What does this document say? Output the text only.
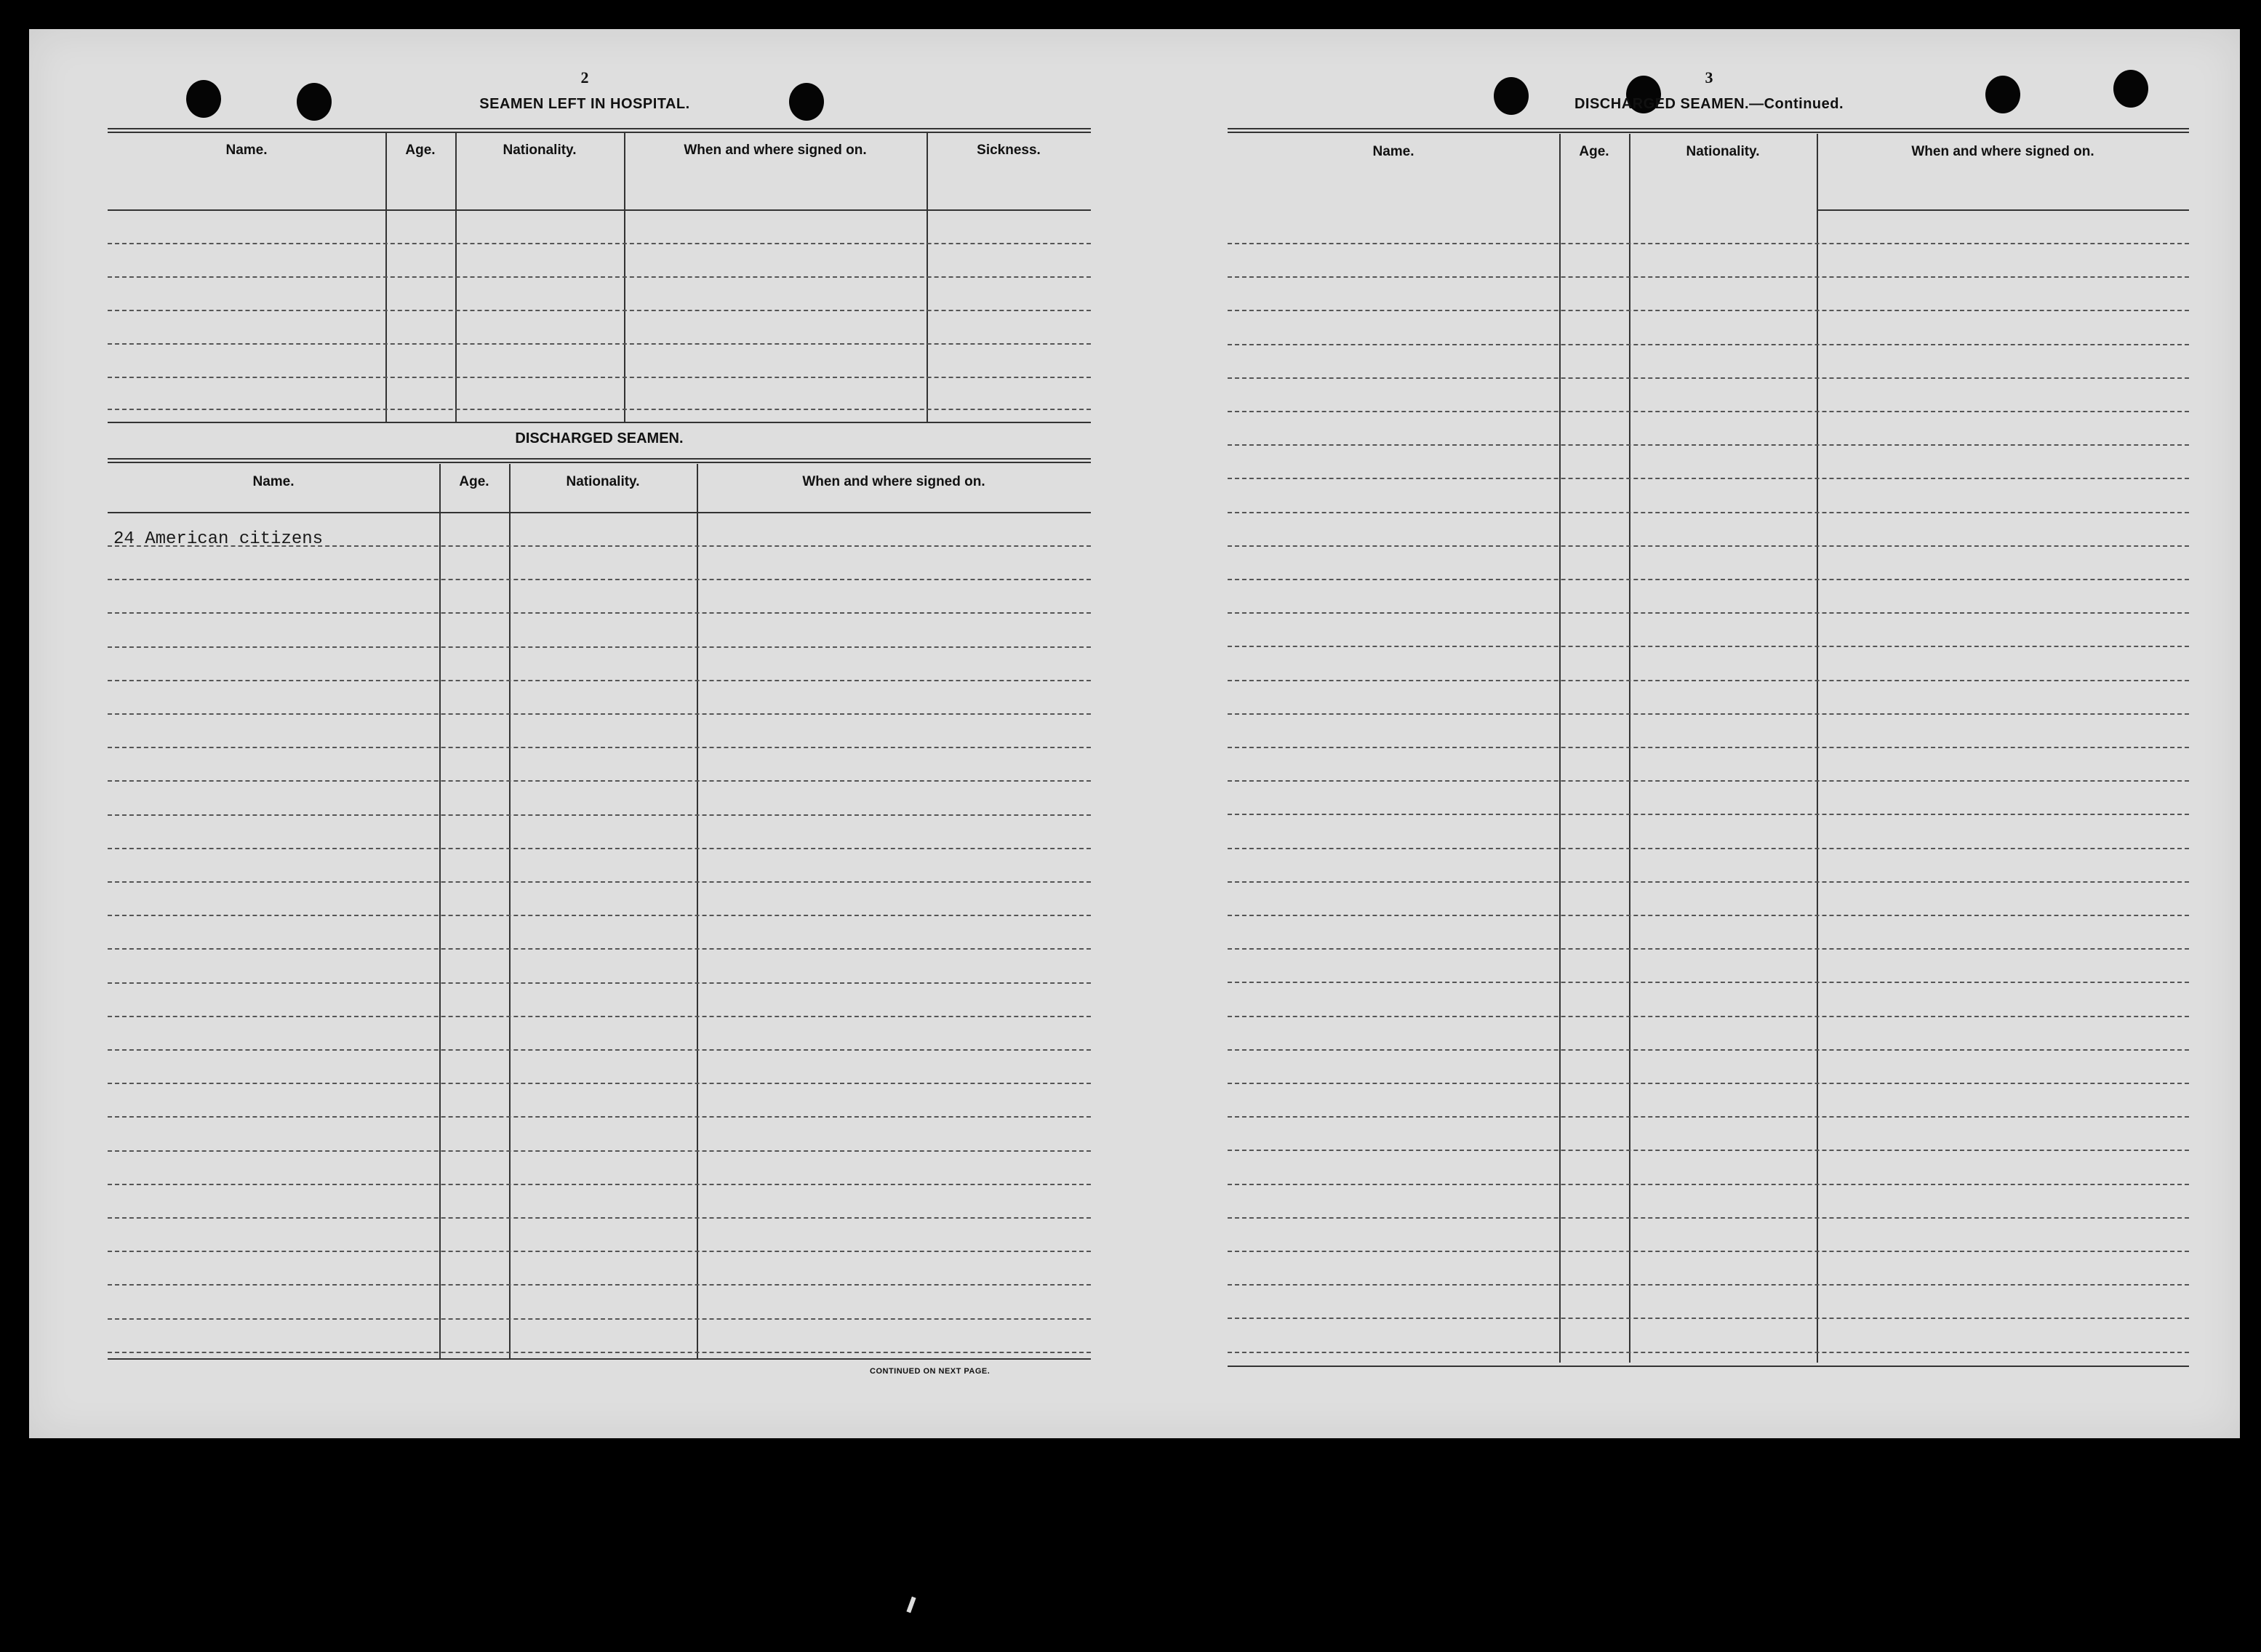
2
SEAMEN LEFT IN HOSPITAL.
Name.	Age.	Nationality.	When and where signed on.	Sickness.
DISCHARGED SEAMEN.
Name.	Age.	Nationality.	When and where signed on.
24 American citizens
CONTINUED ON NEXT PAGE.
3
DISCHARGED SEAMEN.—Continued.
Name.	Age.	Nationality.	When and where signed on.
